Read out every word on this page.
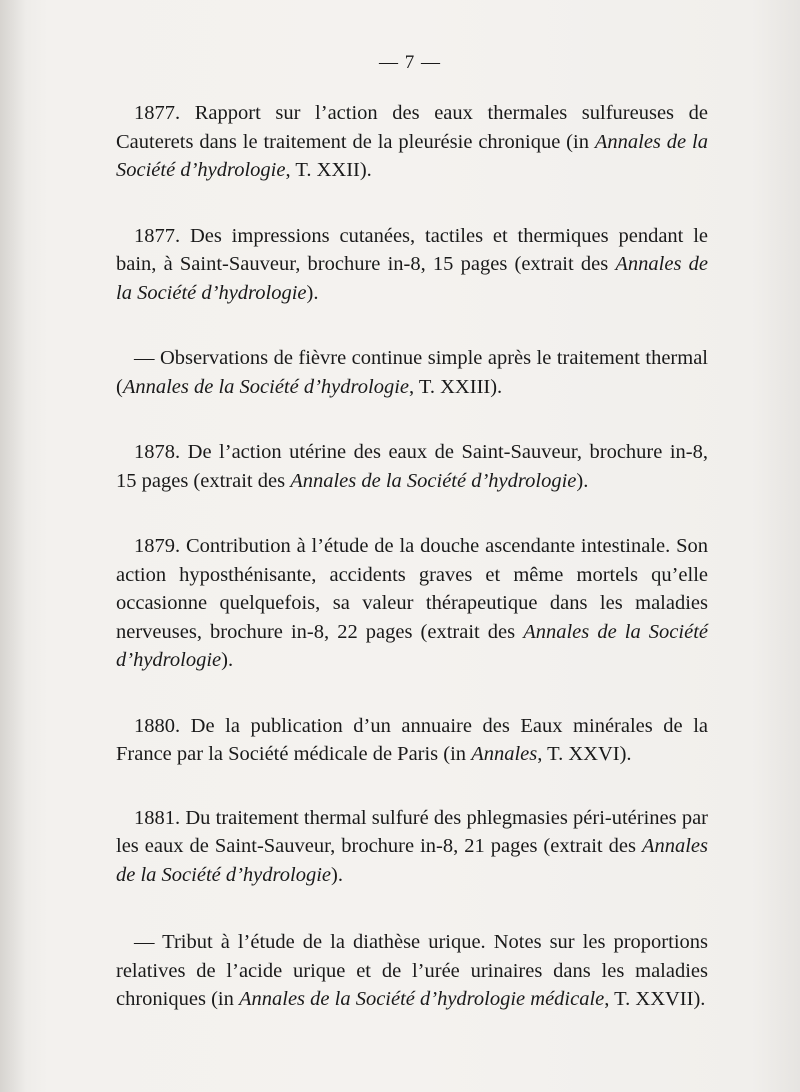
— 7 —

1877. Rapport sur l’action des eaux thermales sulfureuses de Cauterets dans le traitement de la pleurésie chronique (in Annales de la Société d’hydrologie, T. XXII).

1877. Des impressions cutanées, tactiles et thermiques pendant le bain, à Saint-Sauveur, brochure in-8, 15 pages (extrait des Annales de la Société d’hydrologie).

— Observations de fièvre continue simple après le traitement thermal (Annales de la Société d’hydrologie, T. XXIII).

1878. De l’action utérine des eaux de Saint-Sauveur, brochure in-8, 15 pages (extrait des Annales de la Société d’hydrologie).

1879. Contribution à l’étude de la douche ascendante intestinale. Son action hyposthénisante, accidents graves et même mortels qu’elle occasionne quelquefois, sa valeur thérapeutique dans les maladies nerveuses, brochure in-8, 22 pages (extrait des Annales de la Société d’hydrologie).

1880. De la publication d’un annuaire des Eaux minérales de la France par la Société médicale de Paris (in Annales, T. XXVI).

1881. Du traitement thermal sulfuré des phlegmasies péri-utérines par les eaux de Saint-Sauveur, brochure in-8, 21 pages (extrait des Annales de la Société d’hydrologie).

— Tribut à l’étude de la diathèse urique. Notes sur les proportions relatives de l’acide urique et de l’urée urinaires dans les maladies chroniques (in Annales de la Société d’hydrologie médicale, T. XXVII).
